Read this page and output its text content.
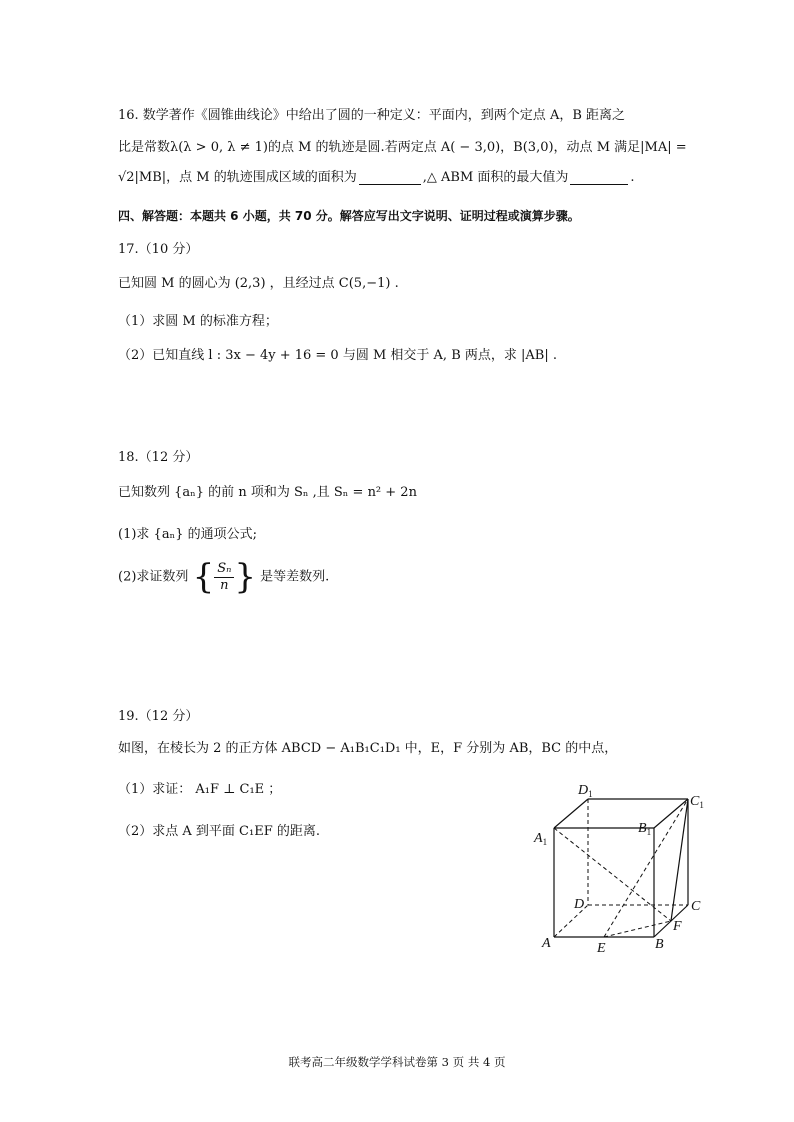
16. 数学著作《圆锥曲线论》中给出了圆的一种定义：平面内，到两个定点 A，B 距离之
比是常数λ(λ > 0, λ ≠ 1)的点 M 的轨迹是圆.若两定点 A( − 3,0)，B(3,0)，动点 M 满足|MA| =
√2|MB|，点 M 的轨迹围成区域的面积为	,△ ABM 面积的最大值为	.
四、解答题：本题共 6 小题，共 70 分。解答应写出文字说明、证明过程或演算步骤。
17.（10 分）
已知圆 M 的圆心为 (2,3) ，且经过点 C(5,−1) .
（1）求圆 M 的标准方程；
（2）已知直线 l : 3x − 4y + 16 = 0 与圆 M 相交于 A, B 两点，求 |AB| .
18.（12 分）
已知数列 {aₙ} 的前 n 项和为 Sₙ ,且 Sₙ = n² + 2n
(1)求 {aₙ} 的通项公式;
(2)求证数列 { $\frac{\text{Sₙ}}{n}$ } 是等差数列.
19.（12 分）
如图，在棱长为 2 的正方体 ABCD − A₁B₁C₁D₁ 中，E，F 分别为 AB，BC 的中点，
（1）求证： A₁F ⊥ C₁E ；
（2）求点 A 到平面 C₁EF 的距离.	$A_1$
$D_1$	$C_1$
$B_1$
D	C
F
A	E	B
联考高二年级数学学科试卷第 3 页 共 4 页
